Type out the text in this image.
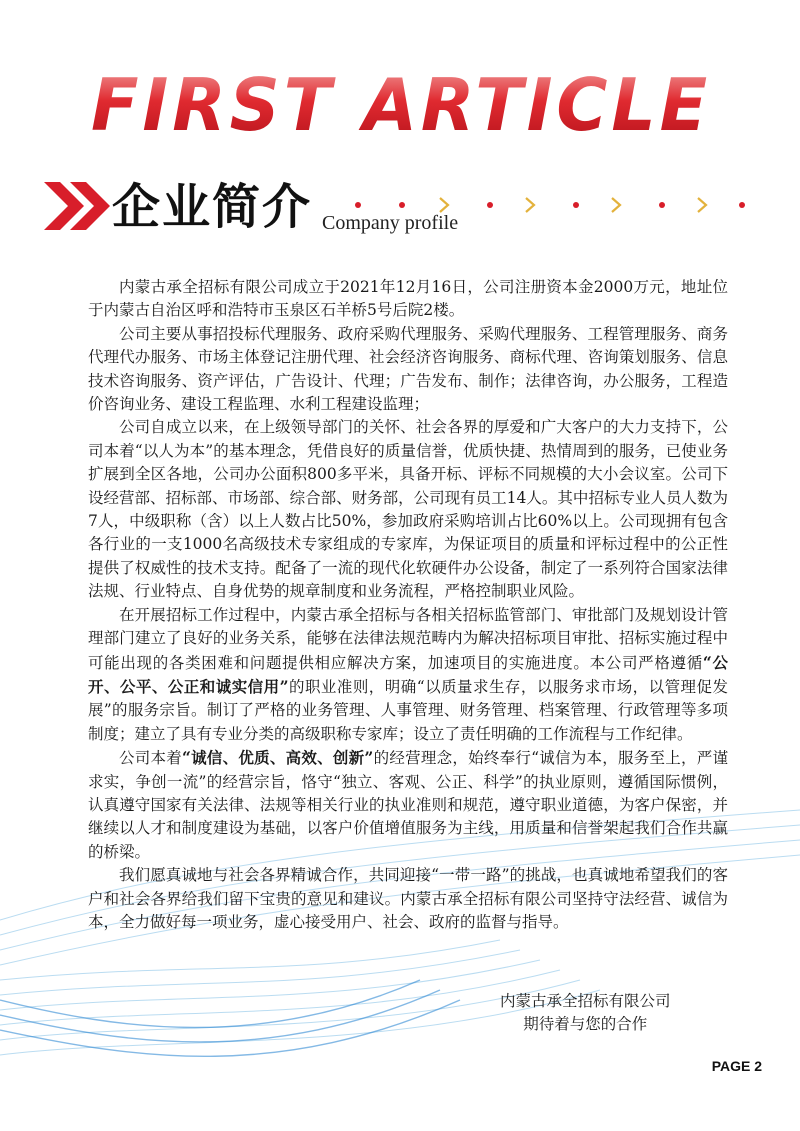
FIRST ARTICLE
企业简介 Company profile

内蒙古承全招标有限公司成立于2021年12月16日，公司注册资本金2000万元，地址位于内蒙古自治区呼和浩特市玉泉区石羊桥5号后院2楼。

公司主要从事招投标代理服务、政府采购代理服务、采购代理服务、工程管理服务、商务代理代办服务、市场主体登记注册代理、社会经济咨询服务、商标代理、咨询策划服务、信息技术咨询服务、资产评估，广告设计、代理；广告发布、制作；法律咨询，办公服务，工程造价咨询业务、建设工程监理、水利工程建设监理；

公司自成立以来，在上级领导部门的关怀、社会各界的厚爱和广大客户的大力支持下，公司本着“以人为本”的基本理念，凭借良好的质量信誉，优质快捷、热情周到的服务，已使业务扩展到全区各地，公司办公面积800多平米，具备开标、评标不同规模的大小会议室。公司下设经营部、招标部、市场部、综合部、财务部，公司现有员工14人。其中招标专业人员人数为7人，中级职称（含）以上人数占比50%，参加政府采购培训占比60%以上。公司现拥有包含各行业的一支1000名高级技术专家组成的专家库，为保证项目的质量和评标过程中的公正性提供了权威性的技术支持。配备了一流的现代化软硬件办公设备，制定了一系列符合国家法律法规、行业特点、自身优势的规章制度和业务流程，严格控制职业风险。

在开展招标工作过程中，内蒙古承全招标与各相关招标监管部门、审批部门及规划设计管理部门建立了良好的业务关系，能够在法律法规范畴内为解决招标项目审批、招标实施过程中可能出现的各类困难和问题提供相应解决方案，加速项目的实施进度。本公司严格遵循“公开、公平、公正和诚实信用”的职业准则，明确“以质量求生存，以服务求市场，以管理促发展”的服务宗旨。制订了严格的业务管理、人事管理、财务管理、档案管理、行政管理等多项制度；建立了具有专业分类的高级职称专家库；设立了责任明确的工作流程与工作纪律。

公司本着“诚信、优质、高效、创新”的经营理念，始终奉行“诚信为本，服务至上，严谨求实，争创一流”的经营宗旨，恪守“独立、客观、公正、科学”的执业原则，遵循国际惯例，认真遵守国家有关法律、法规等相关行业的执业准则和规范，遵守职业道德，为客户保密，并继续以人才和制度建设为基础，以客户价值增值服务为主线，用质量和信誉架起我们合作共赢的桥梁。

我们愿真诚地与社会各界精诚合作，共同迎接“一带一路”的挑战，也真诚地希望我们的客户和社会各界给我们留下宝贵的意见和建议。内蒙古承全招标有限公司坚持守法经营、诚信为本，全力做好每一项业务，虚心接受用户、社会、政府的监督与指导。

内蒙古承全招标有限公司
期待着与您的合作
PAGE 2
